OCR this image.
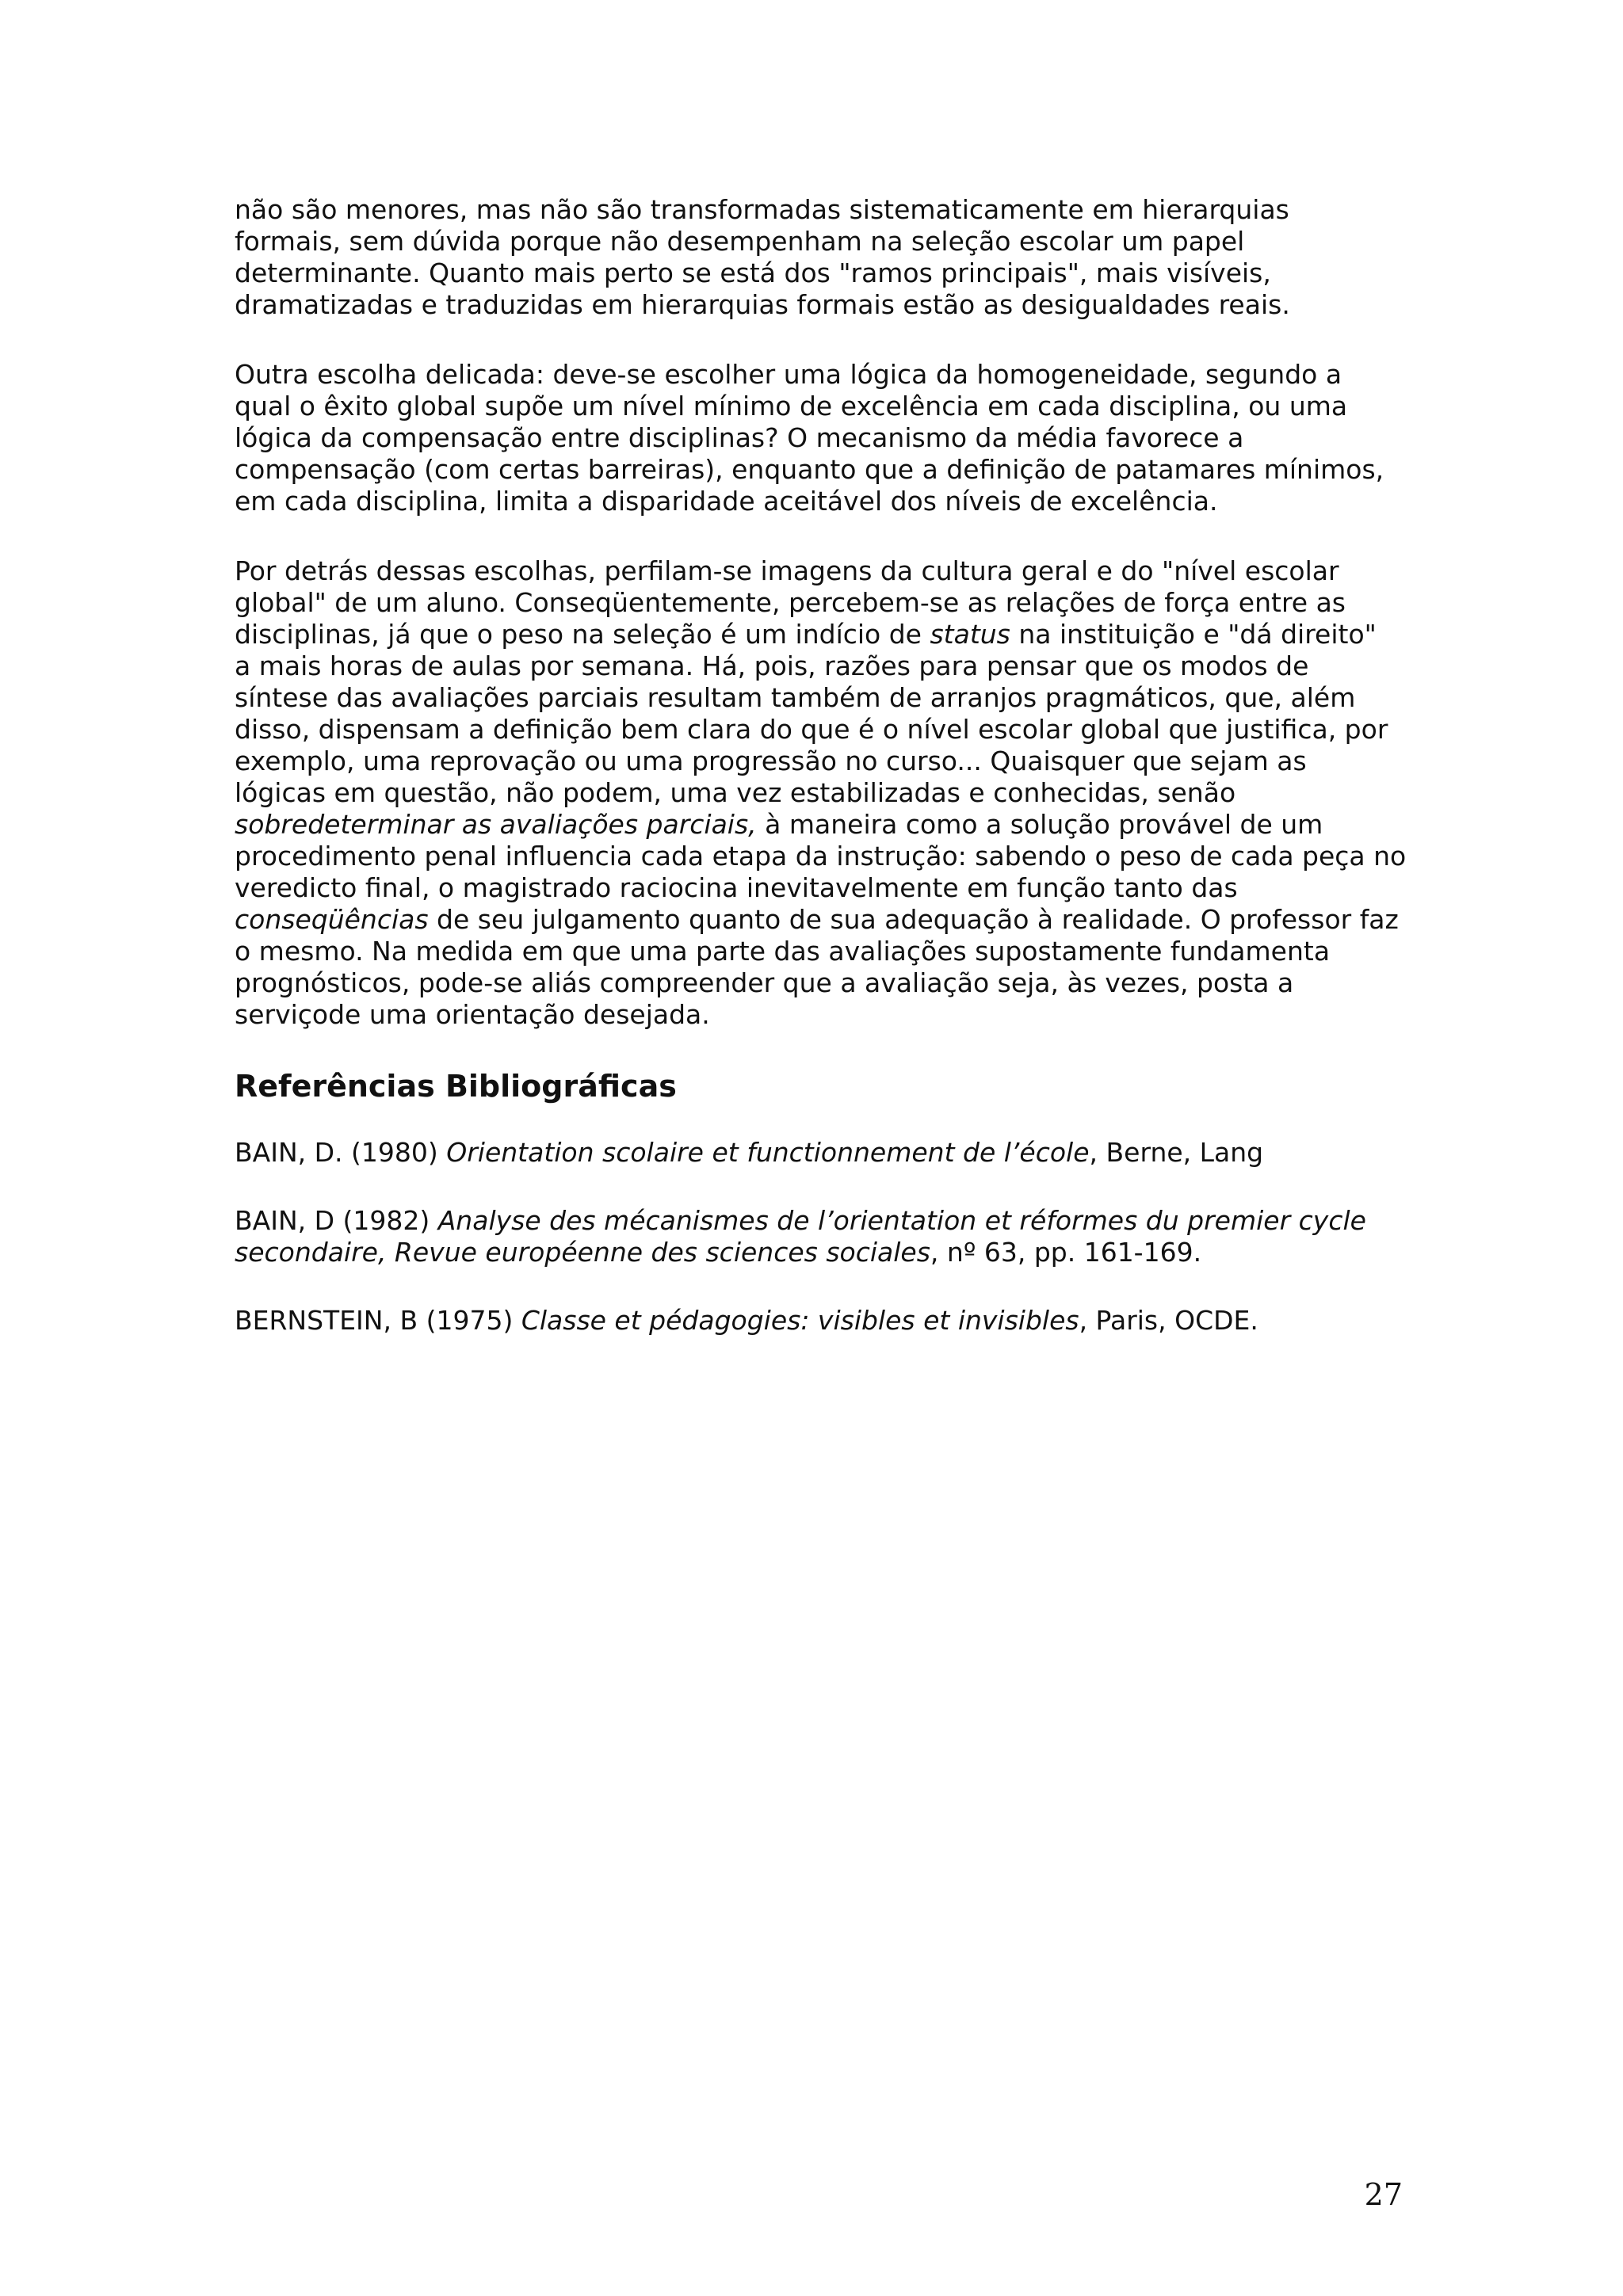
não são menores, mas não são transformadas sistematicamente em hierarquias
formais, sem dúvida porque não desempenham na seleção escolar um papel
determinante. Quanto mais perto se está dos "ramos principais", mais visíveis,
dramatizadas e traduzidas em hierarquias formais estão as desigualdades reais.

Outra escolha delicada: deve-se escolher uma lógica da homogeneidade, segundo a
qual o êxito global supõe um nível mínimo de excelência em cada disciplina, ou uma
lógica da compensação entre disciplinas? O mecanismo da média favorece a
compensação (com certas barreiras), enquanto que a definição de patamares mínimos,
em cada disciplina, limita a disparidade aceitável dos níveis de excelência.

Por detrás dessas escolhas, perfilam-se imagens da cultura geral e do "nível escolar
global" de um aluno. Conseqüentemente, percebem-se as relações de força entre as
disciplinas, já que o peso na seleção é um indício de status na instituição e "dá direito"
a mais horas de aulas por semana. Há, pois, razões para pensar que os modos de
síntese das avaliações parciais resultam também de arranjos pragmáticos, que, além
disso, dispensam a definição bem clara do que é o nível escolar global que justifica, por
exemplo, uma reprovação ou uma progressão no curso... Quaisquer que sejam as
lógicas em questão, não podem, uma vez estabilizadas e conhecidas, senão
sobredeterminar as avaliações parciais, à maneira como a solução provável de um
procedimento penal influencia cada etapa da instrução: sabendo o peso de cada peça no
veredicto final, o magistrado raciocina inevitavelmente em função tanto das
conseqüências de seu julgamento quanto de sua adequação à realidade. O professor faz
o mesmo. Na medida em que uma parte das avaliações supostamente fundamenta
prognósticos, pode-se aliás compreender que a avaliação seja, às vezes, posta a
serviçode uma orientação desejada.

Referências Bibliográficas

BAIN, D. (1980) Orientation scolaire et functionnement de l’école, Berne, Lang

BAIN, D (1982) Analyse des mécanismes de l’orientation et réformes du premier cycle
secondaire, Revue européenne des sciences sociales, nº 63, pp. 161-169.

BERNSTEIN, B (1975) Classe et pédagogies: visibles et invisibles, Paris, OCDE.

27
